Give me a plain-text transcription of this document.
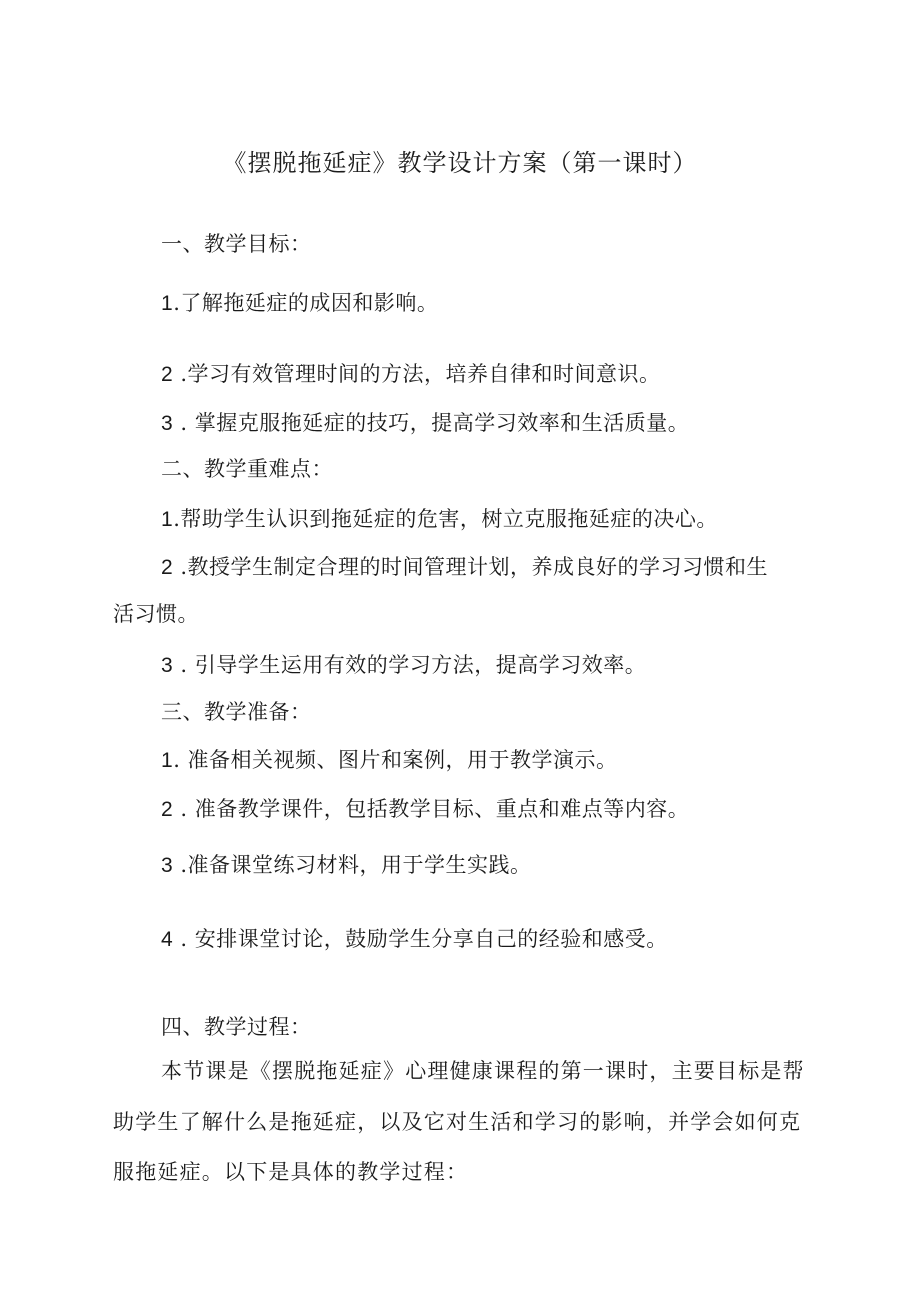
《摆脱拖延症》教学设计方案（第一课时）
一、教学目标：
1.了解拖延症的成因和影响。
2 .学习有效管理时间的方法，培养自律和时间意识。
3 . 掌握克服拖延症的技巧，提高学习效率和生活质量。
二、教学重难点：
1.帮助学生认识到拖延症的危害，树立克服拖延症的决心。
2 .教授学生制定合理的时间管理计划，养成良好的学习习惯和生
活习惯。
3 . 引导学生运用有效的学习方法，提高学习效率。
三、教学准备：
1. 准备相关视频、图片和案例，用于教学演示。
2 . 准备教学课件，包括教学目标、重点和难点等内容。
3 .准备课堂练习材料，用于学生实践。
4 . 安排课堂讨论，鼓励学生分享自己的经验和感受。
四、教学过程：
本节课是《摆脱拖延症》心理健康课程的第一课时，主要目标是帮
助学生了解什么是拖延症，以及它对生活和学习的影响，并学会如何克
服拖延症。以下是具体的教学过程：
